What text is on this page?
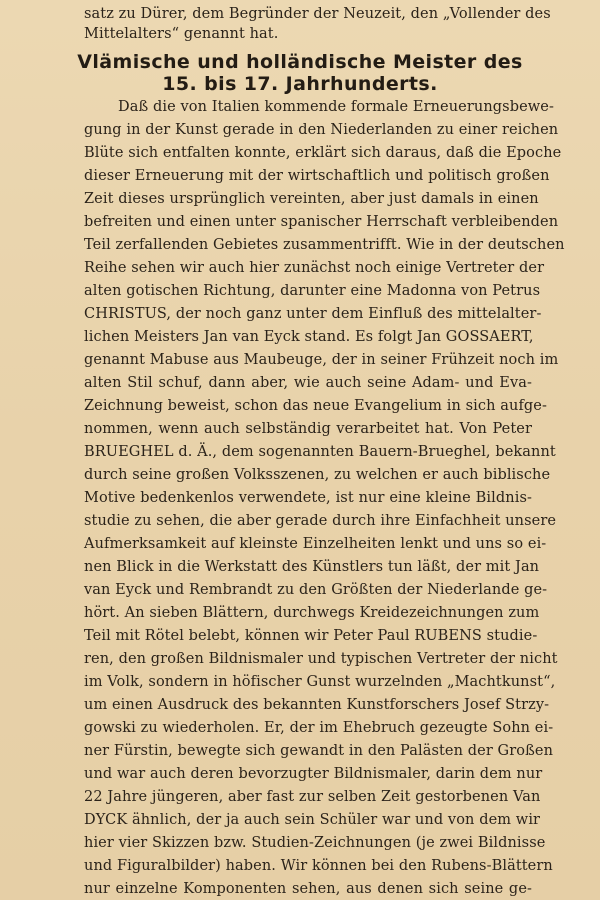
satz zu Dürer, dem Begründer der Neuzeit, den „Vollender des
Mittelalters“ genannt hat.
Vlämische und holländische Meister des
15. bis 17. Jahrhunderts.
Daß die von Italien kommende formale Erneuerungsbewe-
gung in der Kunst gerade in den Niederlanden zu einer reichen
Blüte sich entfalten konnte, erklärt sich daraus, daß die Epoche
dieser Erneuerung mit der wirtschaftlich und politisch großen
Zeit dieses ursprünglich vereinten, aber just damals in einen
befreiten und einen unter spanischer Herrschaft verbleibenden
Teil zerfallenden Gebietes zusammentrifft. Wie in der deutschen
Reihe sehen wir auch hier zunächst noch einige Vertreter der
alten gotischen Richtung, darunter eine Madonna von Petrus
CHRISTUS, der noch ganz unter dem Einfluß des mittelalter-
lichen Meisters Jan van Eyck stand. Es folgt Jan GOSSAERT,
genannt Mabuse aus Maubeuge, der in seiner Frühzeit noch im
alten Stil schuf, dann aber, wie auch seine Adam- und Eva-
Zeichnung beweist, schon das neue Evangelium in sich aufge-
nommen, wenn auch selbständig verarbeitet hat. Von Peter
BRUEGHEL d. Ä., dem sogenannten Bauern-Brueghel, bekannt
durch seine großen Volksszenen, zu welchen er auch biblische
Motive bedenkenlos verwendete, ist nur eine kleine Bildnis-
studie zu sehen, die aber gerade durch ihre Einfachheit unsere
Aufmerksamkeit auf kleinste Einzelheiten lenkt und uns so ei-
nen Blick in die Werkstatt des Künstlers tun läßt, der mit Jan
van Eyck und Rembrandt zu den Größten der Niederlande ge-
hört. An sieben Blättern, durchwegs Kreidezeichnungen zum
Teil mit Rötel belebt, können wir Peter Paul RUBENS studie-
ren, den großen Bildnismaler und typischen Vertreter der nicht
im Volk, sondern in höfischer Gunst wurzelnden „Machtkunst“,
um einen Ausdruck des bekannten Kunstforschers Josef Strzy-
gowski zu wiederholen. Er, der im Ehebruch gezeugte Sohn ei-
ner Fürstin, bewegte sich gewandt in den Palästen der Großen
und war auch deren bevorzugter Bildnismaler, darin dem nur
22 Jahre jüngeren, aber fast zur selben Zeit gestorbenen Van
DYCK ähnlich, der ja auch sein Schüler war und von dem wir
hier vier Skizzen bzw. Studien-Zeichnungen (je zwei Bildnisse
und Figuralbilder) haben. Wir können bei den Rubens-Blättern
nur einzelne Komponenten sehen, aus denen sich seine ge-
